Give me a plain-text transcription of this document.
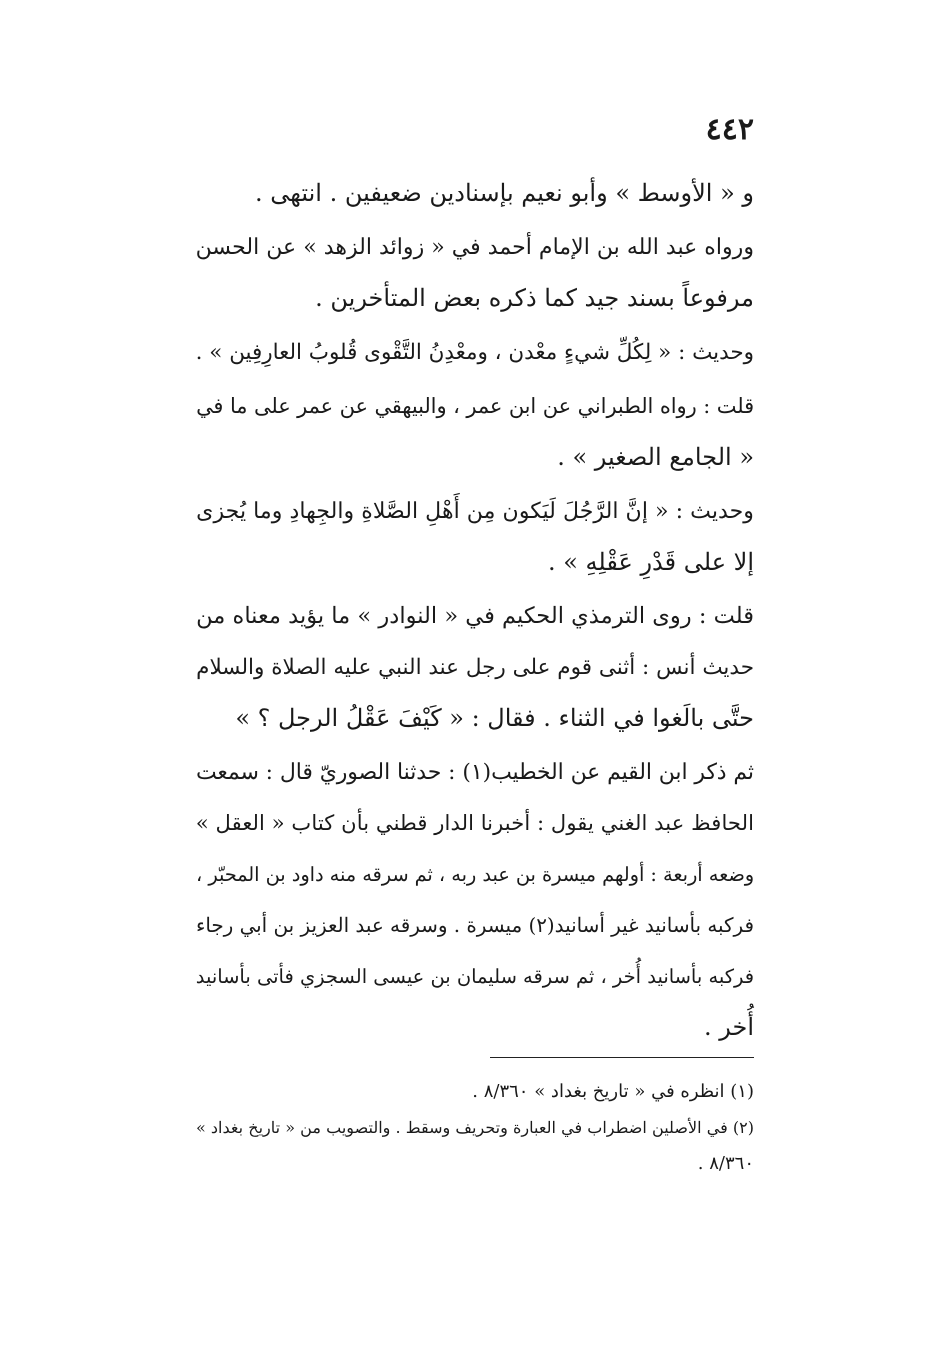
٤٤٢
و « الأوسط » وأبو نعيم بإسنادين ضعيفين . انتهى .
ورواه عبد الله بن الإمام أحمد في « زوائد الزهد » عن الحسن
مرفوعاً بسند جيد كما ذكره بعض المتأخرين .
وحديث : « لِكُلِّ شيءٍ معْدن ، ومعْدِنُ التَّقْوى قُلوبُ العارِفِين » .
قلت : رواه الطبراني عن ابن عمر ، والبيهقي عن عمر على ما في
« الجامع الصغير » .
وحديث : « إنَّ الرَّجُلَ لَيَكون مِن أَهْلِ الصَّلاةِ والجِهادِ وما يُجزى
إلا على قَدْرِ عَقْلِهِ » .
قلت : روى الترمذي الحكيم في « النوادر » ما يؤيد معناه من
حديث أنس : أثنى قوم على رجل عند النبي عليه الصلاة والسلام
حتَّى بالَغوا في الثناء . فقال : « كَيْفَ عَقْلُ الرجل ؟ »
ثم ذكر ابن القيم عن الخطيب(١) : حدثنا الصوريّ قال : سمعت
الحافظ عبد الغني يقول : أخبرنا الدار قطني بأن كتاب « العقل »
وضعه أربعة : أولهم ميسرة بن عبد ربه ، ثم سرقه منه داود بن المحبّر ،
فركبه بأسانيد غير أسانيد(٢) ميسرة . وسرقه عبد العزيز بن أبي رجاء
فركبه بأسانيد أُخر ، ثم سرقه سليمان بن عيسى السجزي فأتى بأسانيد
أُخر .
(١) انظره في « تاريخ بغداد » ٨/٣٦٠ .
(٢) في الأصلين اضطراب في العبارة وتحريف وسقط . والتصويب من « تاريخ بغداد »
٨/٣٦٠ .
